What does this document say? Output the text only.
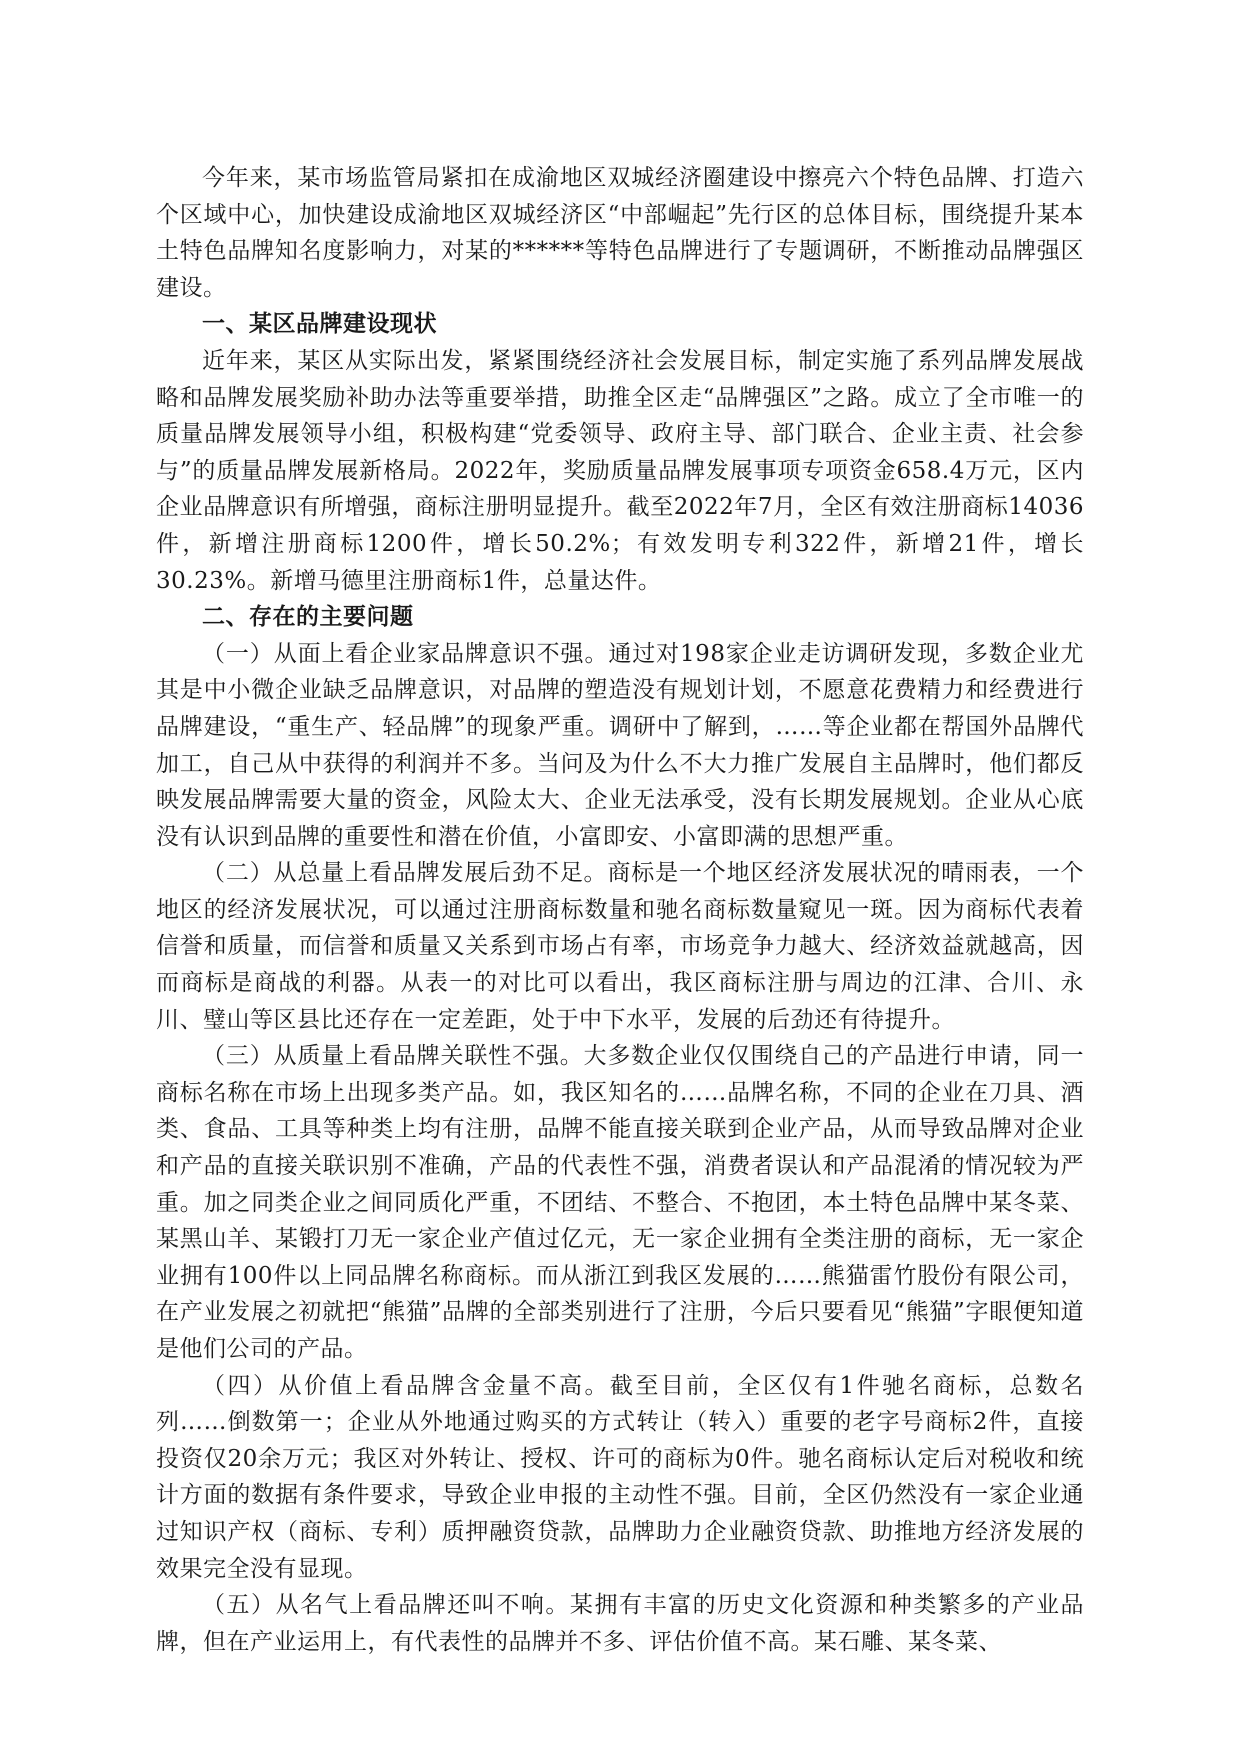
今年来，某市场监管局紧扣在成渝地区双城经济圈建设中擦亮六个特色品牌、打造六个区域中心，加快建设成渝地区双城经济区“中部崛起”先行区的总体目标，围绕提升某本土特色品牌知名度影响力，对某的******等特色品牌进行了专题调研，不断推动品牌强区建设。

一、某区品牌建设现状

近年来，某区从实际出发，紧紧围绕经济社会发展目标，制定实施了系列品牌发展战略和品牌发展奖励补助办法等重要举措，助推全区走“品牌强区”之路。成立了全市唯一的质量品牌发展领导小组，积极构建“党委领导、政府主导、部门联合、企业主责、社会参与”的质量品牌发展新格局。2022年，奖励质量品牌发展事项专项资金658.4万元，区内企业品牌意识有所增强，商标注册明显提升。截至2022年7月，全区有效注册商标14036件，新增注册商标1200件，增长50.2%；有效发明专利322件，新增21件，增长30.23%。新增马德里注册商标1件，总量达件。

二、存在的主要问题

（一）从面上看企业家品牌意识不强。通过对198家企业走访调研发现，多数企业尤其是中小微企业缺乏品牌意识，对品牌的塑造没有规划计划，不愿意花费精力和经费进行品牌建设，“重生产、轻品牌”的现象严重。调研中了解到，……等企业都在帮国外品牌代加工，自己从中获得的利润并不多。当问及为什么不大力推广发展自主品牌时，他们都反映发展品牌需要大量的资金，风险太大、企业无法承受，没有长期发展规划。企业从心底没有认识到品牌的重要性和潜在价值，小富即安、小富即满的思想严重。

（二）从总量上看品牌发展后劲不足。商标是一个地区经济发展状况的晴雨表，一个地区的经济发展状况，可以通过注册商标数量和驰名商标数量窥见一斑。因为商标代表着信誉和质量，而信誉和质量又关系到市场占有率，市场竞争力越大、经济效益就越高，因而商标是商战的利器。从表一的对比可以看出，我区商标注册与周边的江津、合川、永川、璧山等区县比还存在一定差距，处于中下水平，发展的后劲还有待提升。

（三）从质量上看品牌关联性不强。大多数企业仅仅围绕自己的产品进行申请，同一商标名称在市场上出现多类产品。如，我区知名的……品牌名称，不同的企业在刀具、酒类、食品、工具等种类上均有注册，品牌不能直接关联到企业产品，从而导致品牌对企业和产品的直接关联识别不准确，产品的代表性不强，消费者误认和产品混淆的情况较为严重。加之同类企业之间同质化严重，不团结、不整合、不抱团，本土特色品牌中某冬菜、某黑山羊、某锻打刀无一家企业产值过亿元，无一家企业拥有全类注册的商标，无一家企业拥有100件以上同品牌名称商标。而从浙江到我区发展的……熊猫雷竹股份有限公司，在产业发展之初就把“熊猫”品牌的全部类别进行了注册，今后只要看见“熊猫”字眼便知道是他们公司的产品。

（四）从价值上看品牌含金量不高。截至目前，全区仅有1件驰名商标，总数名列……倒数第一；企业从外地通过购买的方式转让（转入）重要的老字号商标2件，直接投资仅20余万元；我区对外转让、授权、许可的商标为0件。驰名商标认定后对税收和统计方面的数据有条件要求，导致企业申报的主动性不强。目前，全区仍然没有一家企业通过知识产权（商标、专利）质押融资贷款，品牌助力企业融资贷款、助推地方经济发展的效果完全没有显现。

（五）从名气上看品牌还叫不响。某拥有丰富的历史文化资源和种类繁多的产业品牌，但在产业运用上，有代表性的品牌并不多、评估价值不高。某石雕、某冬菜、
